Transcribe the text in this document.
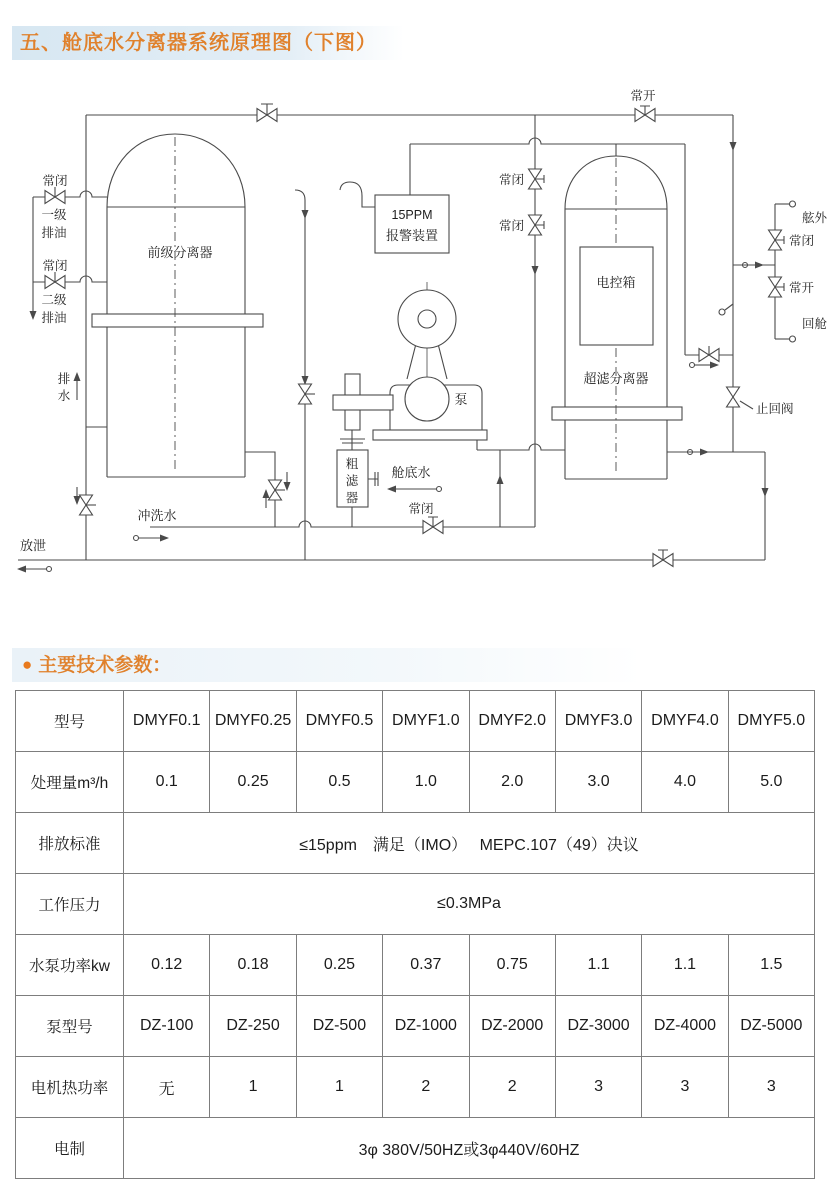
五、舱底水分离器系统原理图（下图）
前级分离器
电控箱
超滤分离器
15PPM
报警装置
泵
粗
滤
器
舱底水
常闭
一级
排油
常闭
二级
排油
排
水
常开
常闭
常闭
常闭
舷外
常闭
常开
回舱
止回阀
冲洗水
放泄
● 主要技术参数：
型号	DMYF0.1	DMYF0.25	DMYF0.5	DMYF1.0	DMYF2.0	DMYF3.0	DMYF4.0	DMYF5.0
处理量m³/h	0.1	0.25	0.5	1.0	2.0	3.0	4.0	5.0
排放标准	≤15ppm　满足（IMO）　 MEPC.107（49）决议							
工作压力	≤0.3MPa							
水泵功率kw	0.12	0.18	0.25	0.37	0.75	1.1	1.1	1.5
泵型号	DZ-100	DZ-250	DZ-500	DZ-1000	DZ-2000	DZ-3000	DZ-4000	DZ-5000
电机热功率	无	1	1	2	2	3	3	3
电制	3φ 380V/50HZ或3φ440V/60HZ							
